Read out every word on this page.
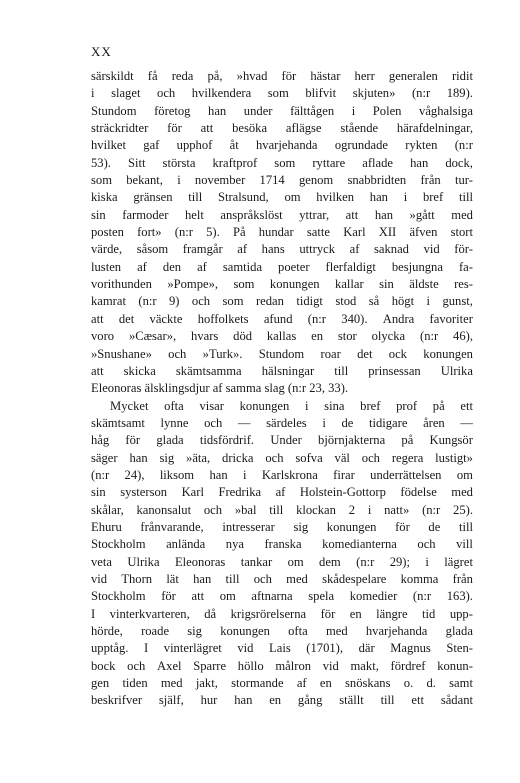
XX
särskildt få reda på, »hvad för hästar herr generalen ridit
i slaget och hvilkendera som blifvit skjuten» (n:r 189).
Stundom företog han under fälttågen i Polen våghalsiga
sträckridter för att besöka aflägse stående härafdelningar,
hvilket gaf upphof åt hvarjehanda ogrundade rykten (n:r
53). Sitt största kraftprof som ryttare aflade han dock,
som bekant, i november 1714 genom snabbridten från tur-
kiska gränsen till Stralsund, om hvilken han i bref till
sin farmoder helt anspråkslöst yttrar, att han »gått med
posten fort» (n:r 5). På hundar satte Karl XII äfven stort
värde, såsom framgår af hans uttryck af saknad vid för-
lusten af den af samtida poeter flerfaldigt besjungna fa-
vorithunden »Pompe», som konungen kallar sin äldste res-
kamrat (n:r 9) och som redan tidigt stod så högt i gunst,
att det väckte hoffolkets afund (n:r 340). Andra favoriter
voro »Cæsar», hvars död kallas en stor olycka (n:r 46),
»Snushane» och »Turk». Stundom roar det ock konungen
att skicka skämtsamma hälsningar till prinsessan Ulrika
Eleonoras älsklingsdjur af samma slag (n:r 23, 33).
Mycket ofta visar konungen i sina bref prof på ett
skämtsamt lynne och — särdeles i de tidigare åren —
håg för glada tidsfördrif. Under björnjakterna på Kungsör
säger han sig »äta, dricka och sofva väl och regera lustigt»
(n:r 24), liksom han i Karlskrona firar underrättelsen om
sin systerson Karl Fredrika af Holstein-Gottorp födelse med
skålar, kanonsalut och »bal till klockan 2 i natt» (n:r 25).
Ehuru frånvarande, intresserar sig konungen för de till
Stockholm anlända nya franska komedianterna och vill
veta Ulrika Eleonoras tankar om dem (n:r 29); i lägret
vid Thorn lät han till och med skådespelare komma från
Stockholm för att om aftnarna spela komedier (n:r 163).
I vinterkvarteren, då krigsrörelserna för en längre tid upp-
hörde, roade sig konungen ofta med hvarjehanda glada
upptåg. I vinterlägret vid Lais (1701), där Magnus Sten-
bock och Axel Sparre höllo målron vid makt, fördref konun-
gen tiden med jakt, stormande af en snöskans o. d. samt
beskrifver själf, hur han en gång ställt till ett sådant
